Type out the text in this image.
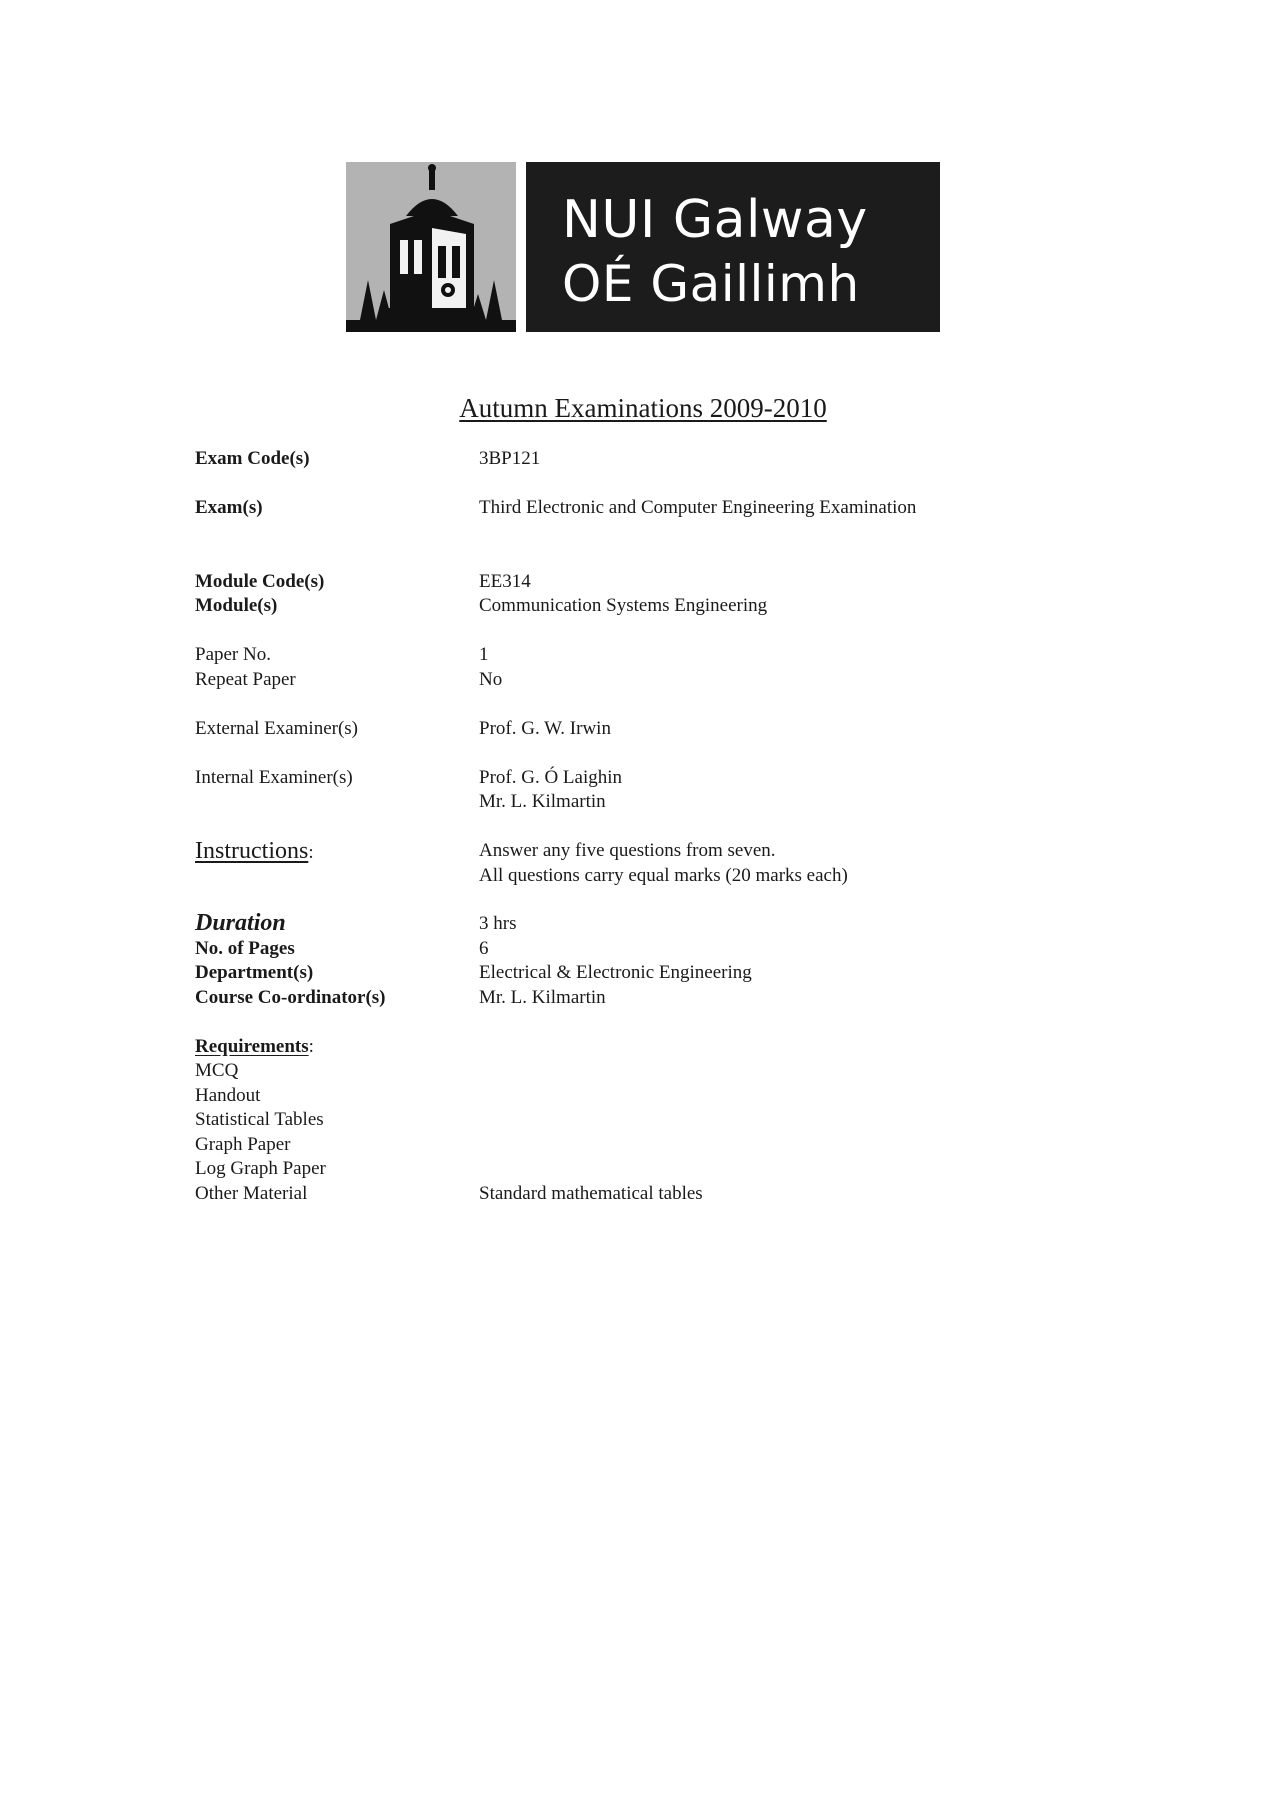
NUI Galway
OÉ Gaillimh
Autumn Examinations 2009-2010
Exam Code(s)	3BP121
Exam(s)	Third Electronic and Computer Engineering Examination
Module Code(s)	EE314
Module(s)	Communication Systems Engineering
Paper No.	1
Repeat Paper	No
External Examiner(s)	Prof. G. W. Irwin
Internal Examiner(s)	Prof. G. Ó Laighin
Mr. L. Kilmartin
Instructions:	Answer any five questions from seven.
All questions carry equal marks (20 marks each)
Duration	3 hrs
No. of Pages	6
Department(s)	Electrical & Electronic Engineering
Course Co-ordinator(s)	Mr. L. Kilmartin
Requirements:
MCQ
Handout
Statistical Tables
Graph Paper
Log Graph Paper
Other Material	Standard mathematical tables
